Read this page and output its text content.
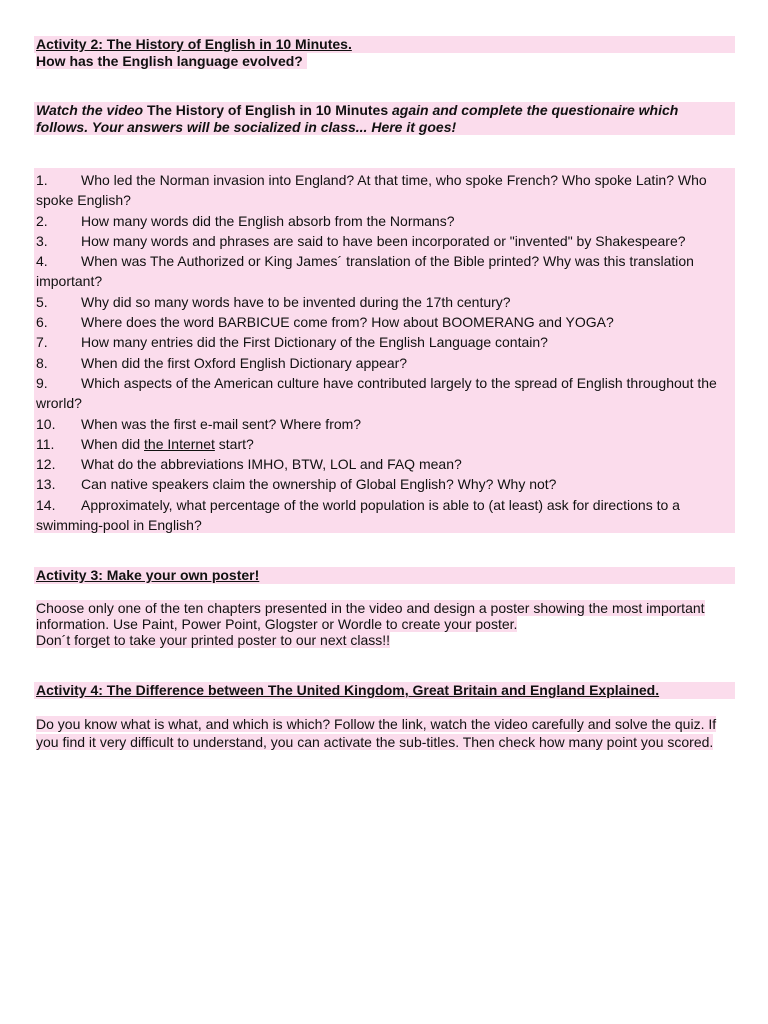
Activity 2: The History of English in 10 Minutes.
How has the English language evolved?
Watch the video The History of English in 10 Minutes again and complete the questionaire which
follows. Your answers will be socialized in class... Here it goes!
1. Who led the Norman invasion into England? At that time, who spoke French? Who spoke Latin? Who
spoke English?
2. How many words did the English absorb from the Normans?
3. How many words and phrases are said to have been incorporated or "invented" by Shakespeare?
4. When was The Authorized or King James´ translation of the Bible printed? Why was this translation
important?
5. Why did so many words have to be invented during the 17th century?
6. Where does the word BARBICUE come from? How about BOOMERANG and YOGA?
7. How many entries did the First Dictionary of the English Language contain?
8. When did the first Oxford English Dictionary appear?
9. Which aspects of the American culture have contributed largely to the spread of English throughout the
wrorld?
10. When was the first e-mail sent? Where from?
11. When did the Internet start?
12. What do the abbreviations IMHO, BTW, LOL and FAQ mean?
13. Can native speakers claim the ownership of Global English? Why? Why not?
14. Approximately, what percentage of the world population is able to (at least) ask for directions to a
swimming-pool in English?
Activity 3: Make your own poster!
Choose only one of the ten chapters presented in the video and design a poster showing the most important
information. Use Paint, Power Point, Glogster or Wordle to create your poster.
Don´t forget to take your printed poster to our next class!!
Activity 4: The Difference between The United Kingdom, Great Britain and England Explained.
Do you know what is what, and which is which? Follow the link, watch the video carefully and solve the quiz. If
you find it very difficult to understand, you can activate the sub-titles. Then check how many point you scored.
